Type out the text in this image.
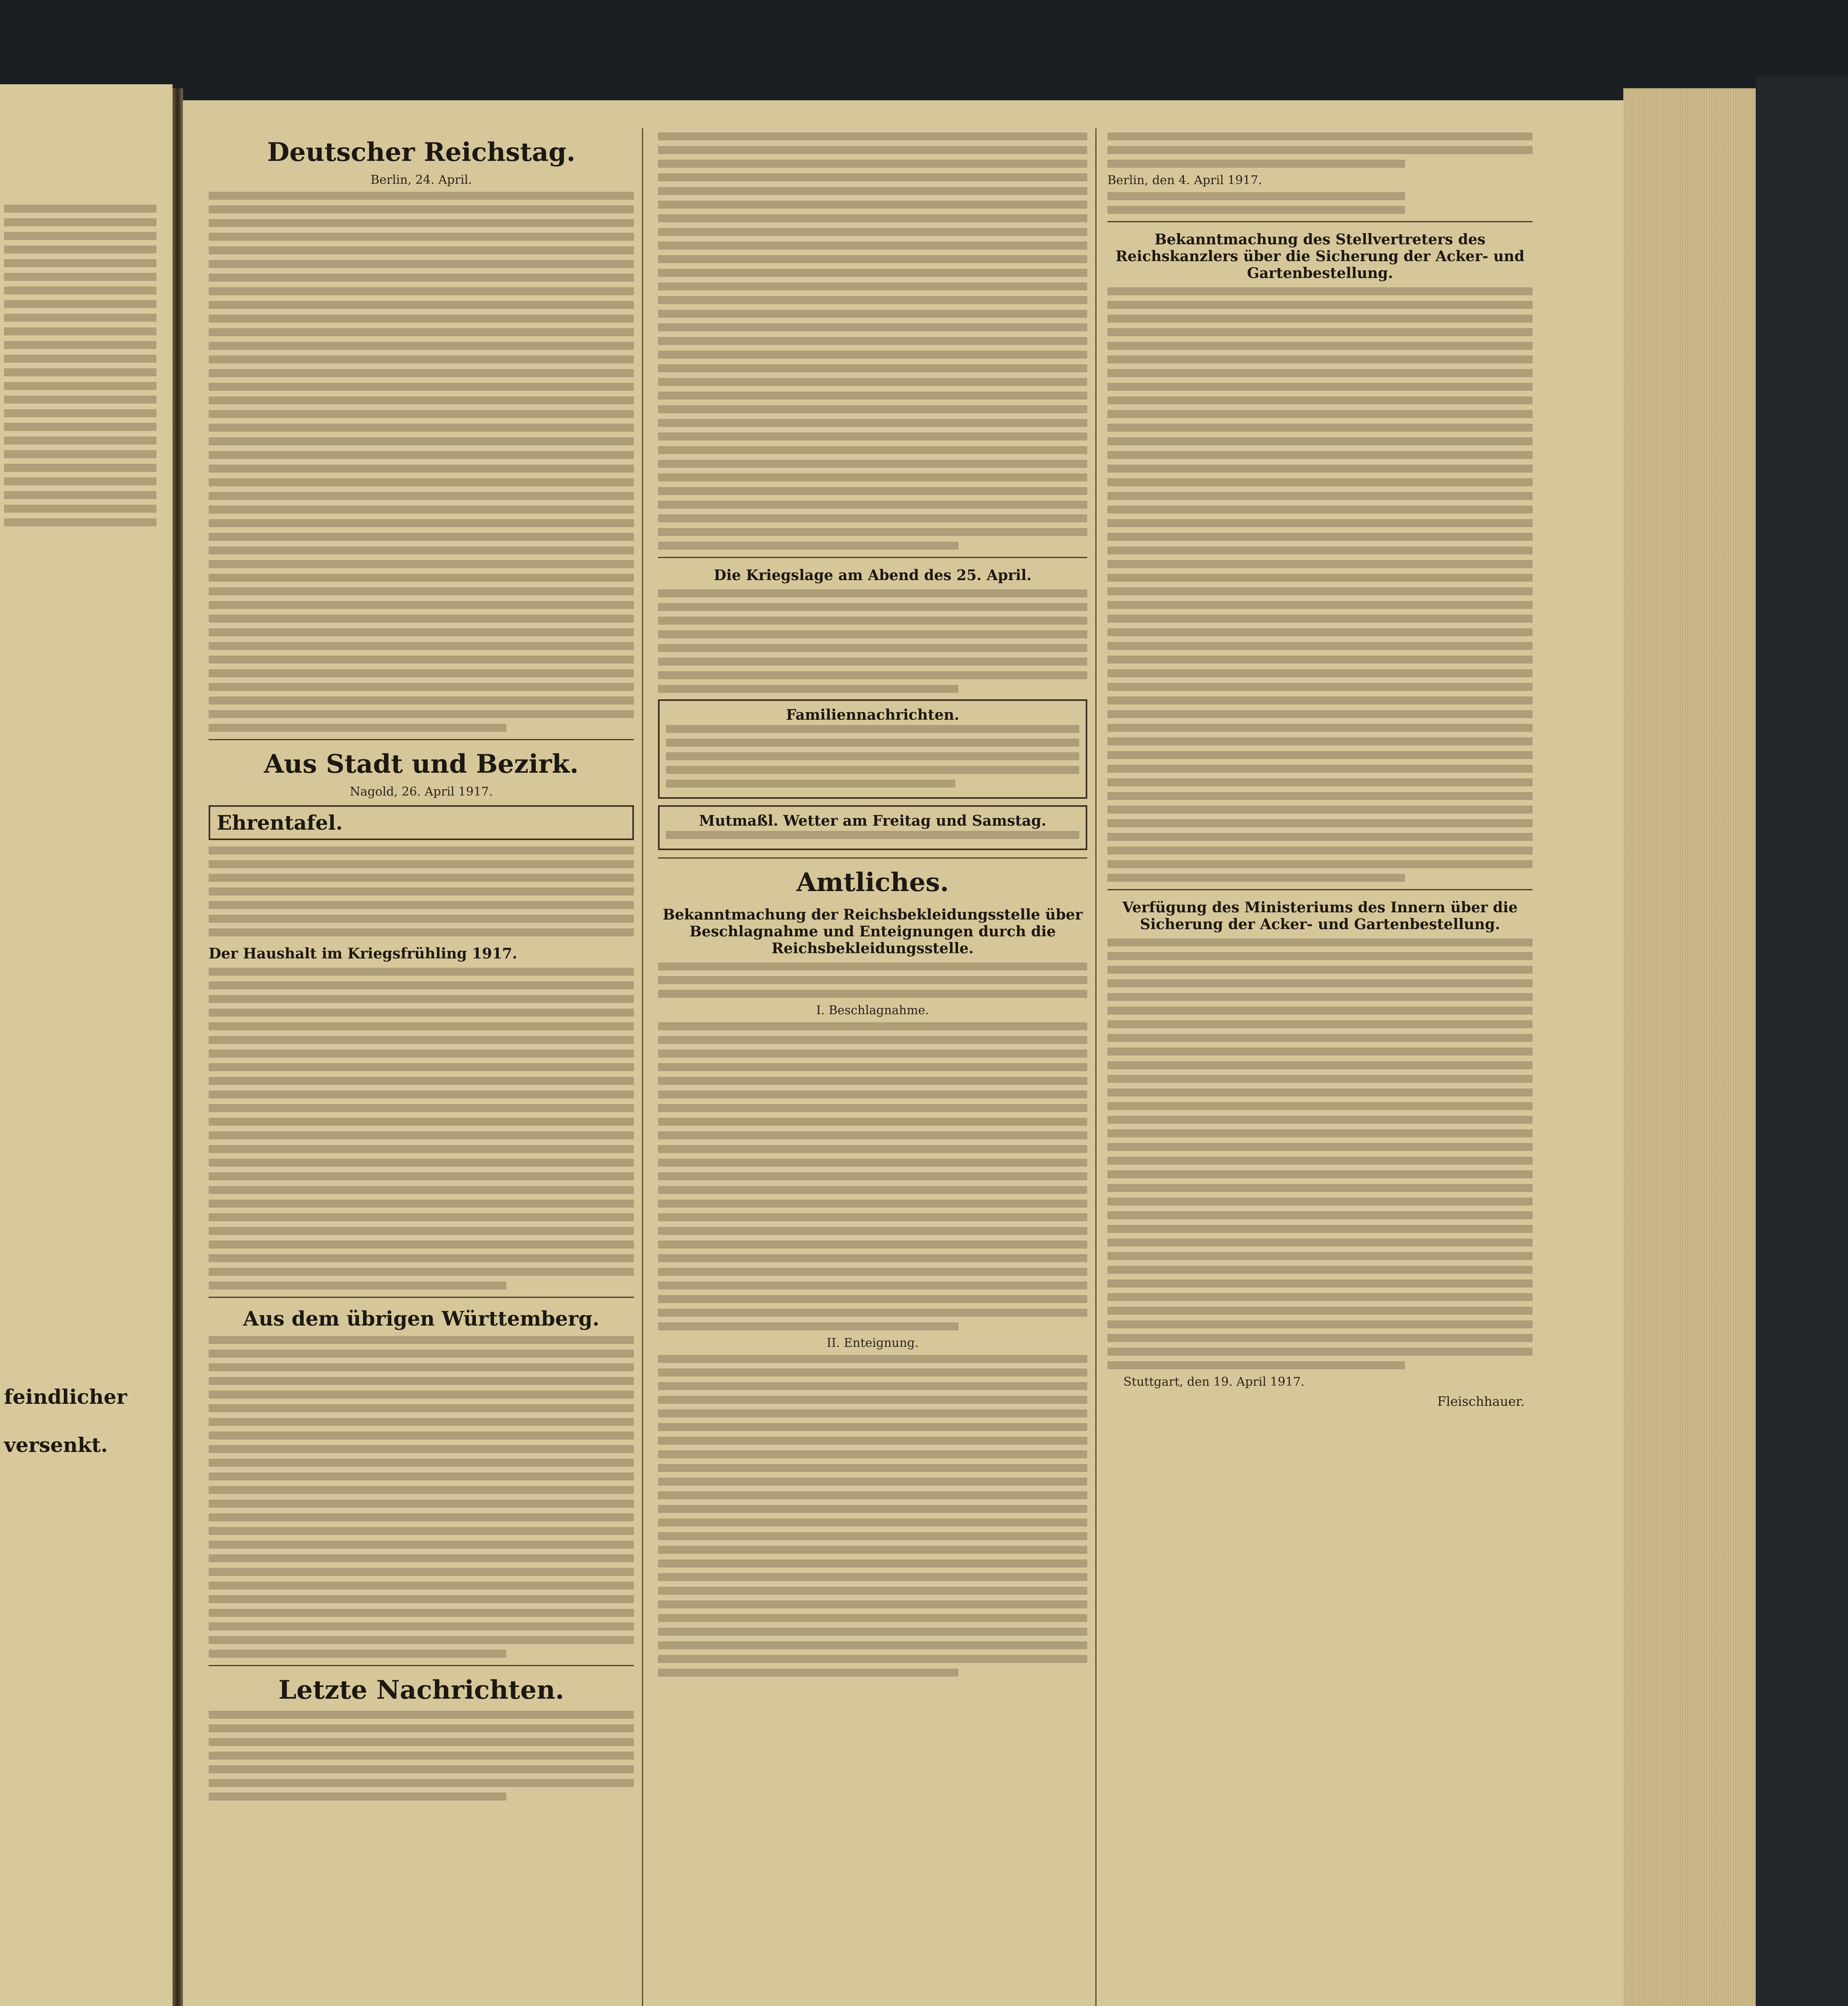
feindlicher
versenkt.
Deutscher Reichstag.
Berlin, 24. April.
Aus Stadt und Bezirk.
Nagold, 26. April 1917.
Ehrentafel.
Der Haushalt im Kriegsfrühling 1917.
Aus dem übrigen Württemberg.
Letzte Nachrichten.
Die Kriegslage am Abend des 25. April.
Familiennachrichten.
Mutmaßl. Wetter am Freitag und Samstag.
Amtliches.
Bekanntmachung der Reichsbekleidungsstelle über Beschlagnahme und Enteignungen durch die Reichsbekleidungsstelle.
I. Beschlagnahme.
II. Enteignung.
Berlin, den 4. April 1917.
Bekanntmachung des Stellvertreters des Reichskanzlers über die Sicherung der Acker- und Gartenbestellung.
Verfügung des Ministeriums des Innern über die Sicherung der Acker- und Gartenbestellung.
Stuttgart, den 19. April 1917.
Fleischhauer.
